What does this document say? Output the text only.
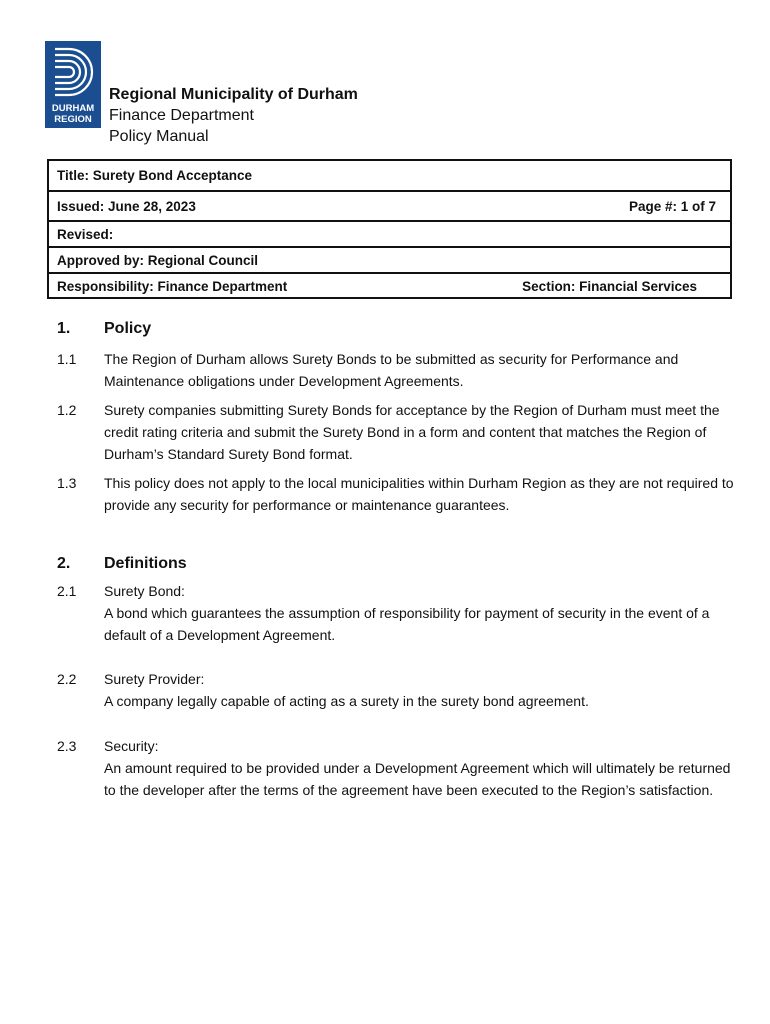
DURHAM
REGION
Regional Municipality of Durham
Finance Department
Policy Manual
Title: Surety Bond Acceptance
Issued: June 28, 2023	Page #: 1 of 7
Revised:
Approved by: Regional Council
Responsibility: Finance Department	Section: Financial Services
1. Policy
1.1 The Region of Durham allows Surety Bonds to be submitted as security for Performance and Maintenance obligations under Development Agreements.
1.2 Surety companies submitting Surety Bonds for acceptance by the Region of Durham must meet the credit rating criteria and submit the Surety Bond in a form and content that matches the Region of Durham’s Standard Surety Bond format.
1.3 This policy does not apply to the local municipalities within Durham Region as they are not required to provide any security for performance or maintenance guarantees.
2. Definitions
2.1 Surety Bond:
A bond which guarantees the assumption of responsibility for payment of security in the event of a default of a Development Agreement.
2.2 Surety Provider:
A company legally capable of acting as a surety in the surety bond agreement.
2.3 Security:
An amount required to be provided under a Development Agreement which will ultimately be returned to the developer after the terms of the agreement have been executed to the Region’s satisfaction.
